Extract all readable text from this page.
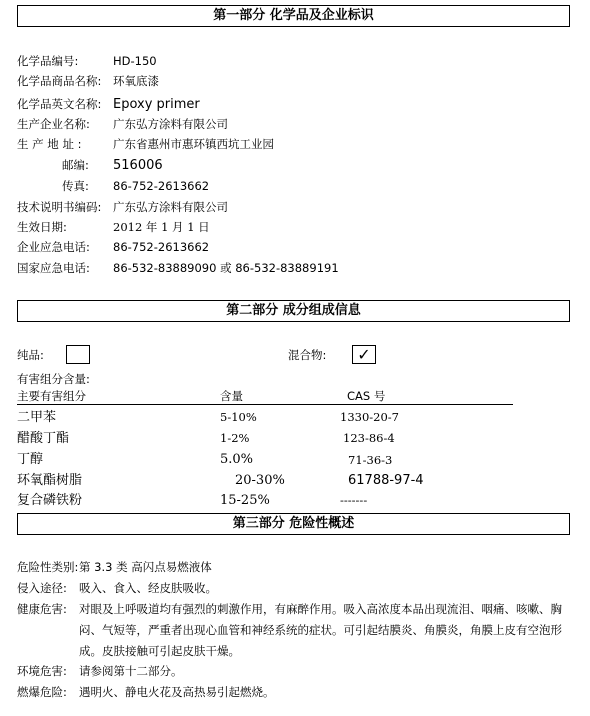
第一部分 化学品及企业标识
化学品编号:	HD-150
化学品商品名称: 环氧底漆
化学品英文名称: Epoxy primer
生产企业名称: 广东弘方涂料有限公司
生 产 地 址 :	广东省惠州市惠环镇西坑工业园
邮编: 516006
传真: 86-752-2613662
技术说明书编码: 广东弘方涂料有限公司
生效日期:	2012 年 1 月 1 日
企业应急电话: 86-752-2613662
国家应急电话: 86-532-83889090 或 86-532-83889191
第二部分 成分组成信息
纯品:	混合物:	✓
有害组分含量:
主要有害组分	含量	CAS 号
二甲苯	5-10%	1330-20-7
醋酸丁酯	1-2%	123-86-4
丁醇	5.0%	71-36-3
环氧酯树脂	20-30%	61788-97-4
复合磷铁粉	15-25%	-------
第三部分 危险性概述
危险性类别: 第 3.3 类 高闪点易燃液体
侵入途径: 吸入、食入、经皮肤吸收。
健康危害: 对眼及上呼吸道均有强烈的刺激作用，有麻醉作用。吸入高浓度本品出现流泪、咽痛、咳嗽、胸闷、气短等，严重者出现心血管和神经系统的症状。可引起结膜炎、角膜炎，角膜上皮有空泡形成。皮肤接触可引起皮肤干燥。
环境危害: 请参阅第十二部分。
燃爆危险: 遇明火、静电火花及高热易引起燃烧。
